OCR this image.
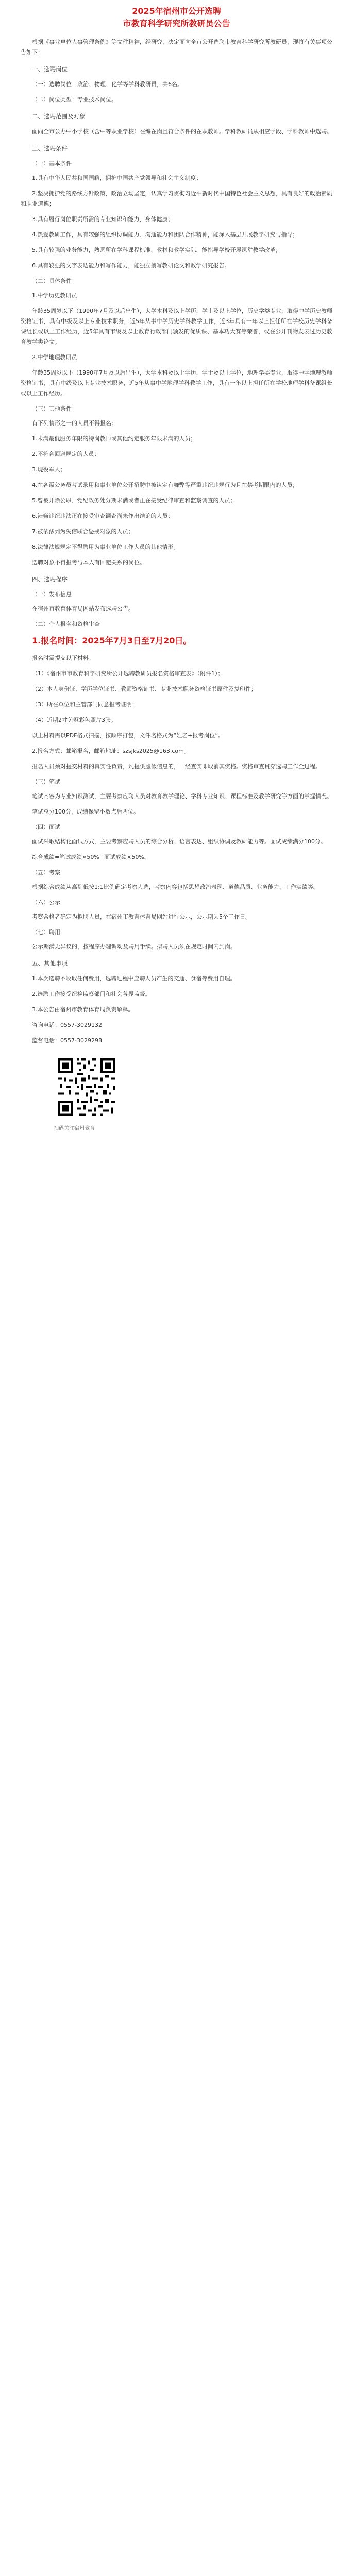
2025年宿州市公开选聘
市教育科学研究所教研员公告

根据《事业单位人事管理条例》等文件精神，经研究，决定面向全市公开选聘市教育科学研究所教研员，现将有关事项公告如下：

一、选聘岗位

（一）选聘岗位：政治、物理、化学等学科教研员，共6名。

（二）岗位类型：专业技术岗位。

二、选聘范围及对象

面向全市公办中小学校（含中等职业学校）在编在岗且符合条件的在职教师。学科教研员从相应学段、学科教师中选聘。

三、选聘条件
（一）基本条件

1.具有中华人民共和国国籍，拥护中国共产党领导和社会主义制度；

2.坚决拥护党的路线方针政策，政治立场坚定，认真学习贯彻习近平新时代中国特色社会主义思想，具有良好的政治素质和职业道德；

3.具有履行岗位职责所需的专业知识和能力，身体健康；

4.热爱教研工作，具有较强的组织协调能力、沟通能力和团队合作精神，能深入基层开展教学研究与指导；

5.具有较强的业务能力，熟悉所在学科课程标准、教材和教学实际，能指导学校开展课堂教学改革；

6.具有较强的文字表达能力和写作能力，能独立撰写教研论文和教学研究报告。

（二）具体条件

1.中学历史教研员

年龄35周岁以下（1990年7月及以后出生），大学本科及以上学历，学士及以上学位，历史学类专业，取得中学历史教师资格证书，具有中级及以上专业技术职务，近5年从事中学历史学科教学工作，近3年具有一年以上担任所在学校历史学科备课组长或以上工作经历，近5年具有市级及以上教育行政部门颁发的优质课、基本功大赛等荣誉，或在公开刊物发表过历史教育教学类论文。

2.中学地理教研员

年龄35周岁以下（1990年7月及以后出生），大学本科及以上学历，学士及以上学位，地理学类专业，取得中学地理教师资格证书，具有中级及以上专业技术职务，近5年从事中学地理学科教学工作，具有一年以上担任所在学校地理学科备课组长或以上工作经历。

（三）其他条件

有下列情形之一的人员不得报名：

1.未满最低服务年限的特岗教师或其他约定服务年限未满的人员；

2.不符合回避规定的人员；

3.现役军人；

4.在各级公务员考试录用和事业单位公开招聘中被认定有舞弊等严重违纪违规行为且在禁考期限内的人员；

5.曾被开除公职、党纪政务处分期未满或者正在接受纪律审查和监察调查的人员；

6.涉嫌违纪违法正在接受审查调查尚未作出结论的人员；

7.被依法列为失信联合惩戒对象的人员；

8.法律法规规定不得聘用为事业单位工作人员的其他情形。

选聘对象不得报考与本人有回避关系的岗位。

四、选聘程序
（一）发布信息

在宿州市教育体育局网站发布选聘公告。

（二）个人报名和资格审查
1.报名时间：2025年7月3日至7月20日。

报名时需提交以下材料：

（1）《宿州市市教育科学研究所公开选聘教研员报名资格审查表》（附件1）；

（2）本人身份证、学历学位证书、教师资格证书、专业技术职务资格证书原件及复印件；

（3）所在单位和主管部门同意报考证明；

（4）近期2寸免冠彩色照片3张。

以上材料需以PDF格式扫描，按顺序打包，文件名格式为“姓名+报考岗位”。

2.报名方式：邮箱报名，邮箱地址：szsjks2025@163.com。

报名人员须对提交材料的真实性负责，凡提供虚假信息的，一经查实即取消其资格。资格审查贯穿选聘工作全过程。

（三）笔试

笔试内容为专业知识测试，主要考察应聘人员对教育教学理论、学科专业知识、课程标准及教学研究等方面的掌握情况。

笔试总分100分，成绩保留小数点后两位。

（四）面试

面试采取结构化面试方式，主要考察应聘人员的综合分析、语言表达、组织协调及教研能力等。面试成绩满分100分。

综合成绩=笔试成绩×50%+面试成绩×50%。

（五）考察

根据综合成绩从高到低按1:1比例确定考察人选，考察内容包括思想政治表现、道德品质、业务能力、工作实绩等。

（六）公示

考察合格者确定为拟聘人员，在宿州市教育体育局网站进行公示，公示期为5个工作日。

（七）聘用

公示期满无异议的，按程序办理调动及聘用手续。拟聘人员须在规定时间内到岗。

五、其他事项

1.本次选聘不收取任何费用，选聘过程中应聘人员产生的交通、食宿等费用自理。

2.选聘工作接受纪检监察部门和社会各界监督。

3.本公告由宿州市教育体育局负责解释。

咨询电话：0557-3029132

监督电话：0557-3029298

扫码关注宿州教育
